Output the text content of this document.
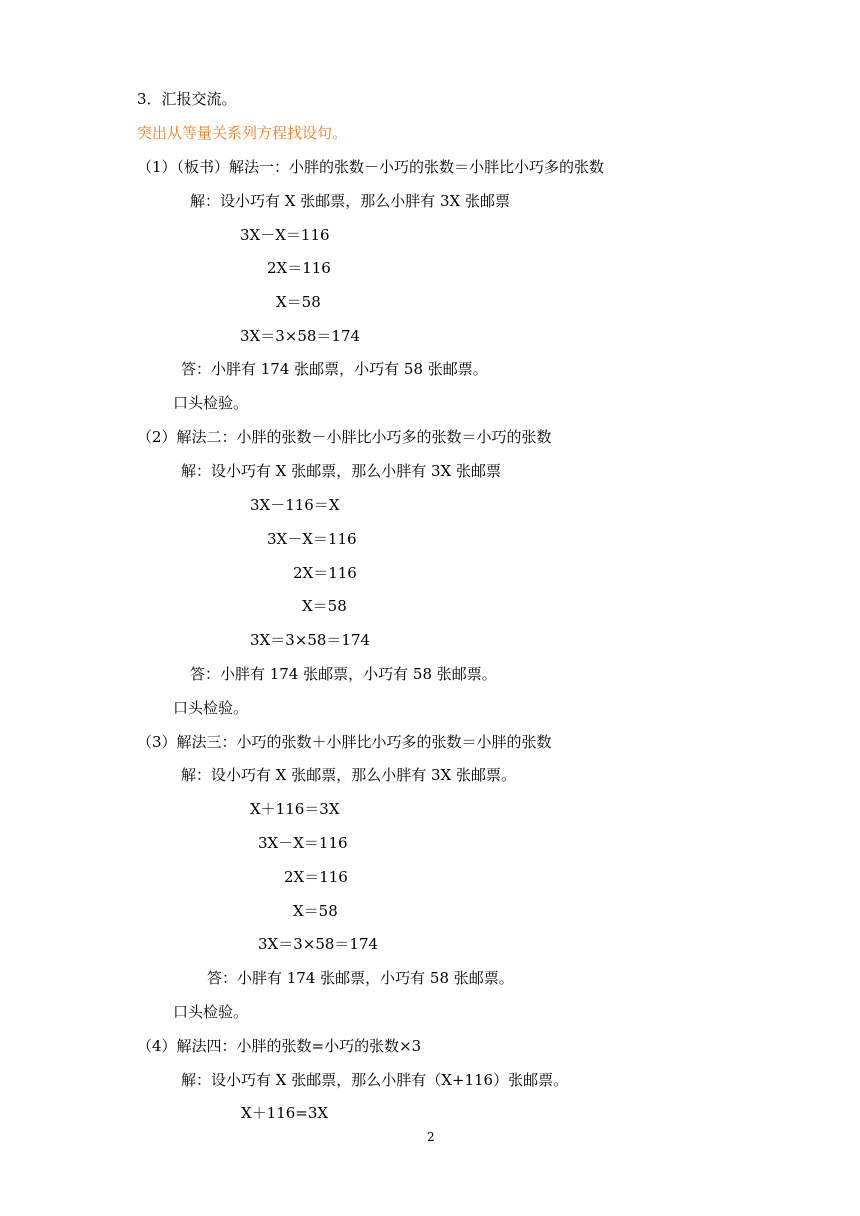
3．汇报交流。
突出从等量关系列方程找设句。
（1）（板书）解法一：小胖的张数－小巧的张数＝小胖比小巧多的张数
解：设小巧有 X 张邮票，那么小胖有 3X 张邮票
3X－X＝116
2X＝116
X＝58
3X＝3×58＝174
答：小胖有 174 张邮票，小巧有 58 张邮票。
口头检验。
（2）解法二：小胖的张数－小胖比小巧多的张数＝小巧的张数
解：设小巧有 X 张邮票，那么小胖有 3X 张邮票
3X－116＝X
3X－X＝116
2X＝116
X＝58
3X＝3×58＝174
答：小胖有 174 张邮票，小巧有 58 张邮票。
口头检验。
（3）解法三：小巧的张数＋小胖比小巧多的张数＝小胖的张数
解：设小巧有 X 张邮票，那么小胖有 3X 张邮票。
X＋116＝3X
3X－X＝116
2X＝116
X＝58
3X＝3×58＝174
答：小胖有 174 张邮票，小巧有 58 张邮票。
口头检验。
（4）解法四：小胖的张数=小巧的张数×3
解：设小巧有 X 张邮票，那么小胖有（X+116）张邮票。
X＋116=3X
2
